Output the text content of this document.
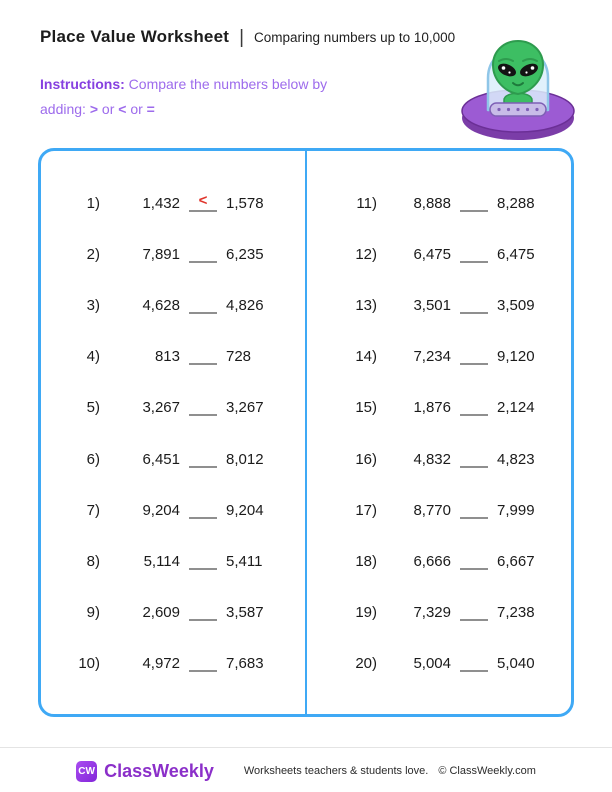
Place Value Worksheet | Comparing numbers up to 10,000
Instructions: Compare the numbers below by
adding: > or < or =
1)	1,432 < 1,578
2)	7,891	6,235
3)	4,628	4,826
4)	813	728
5)	3,267	3,267
6)	6,451	8,012
7)	9,204	9,204
8)	5,114	5,411
9)	2,609	3,587
10)	4,972	7,683
11) 8,888	8,288
12) 6,475	6,475
13) 3,501	3,509
14) 7,234	9,120
15) 1,876	2,124
16) 4,832	4,823
17) 8,770	7,999
18) 6,666	6,667
19) 7,329	7,238
20) 5,004	5,040
CW ClassWeekly	Worksheets teachers & students love. © ClassWeekly.com
